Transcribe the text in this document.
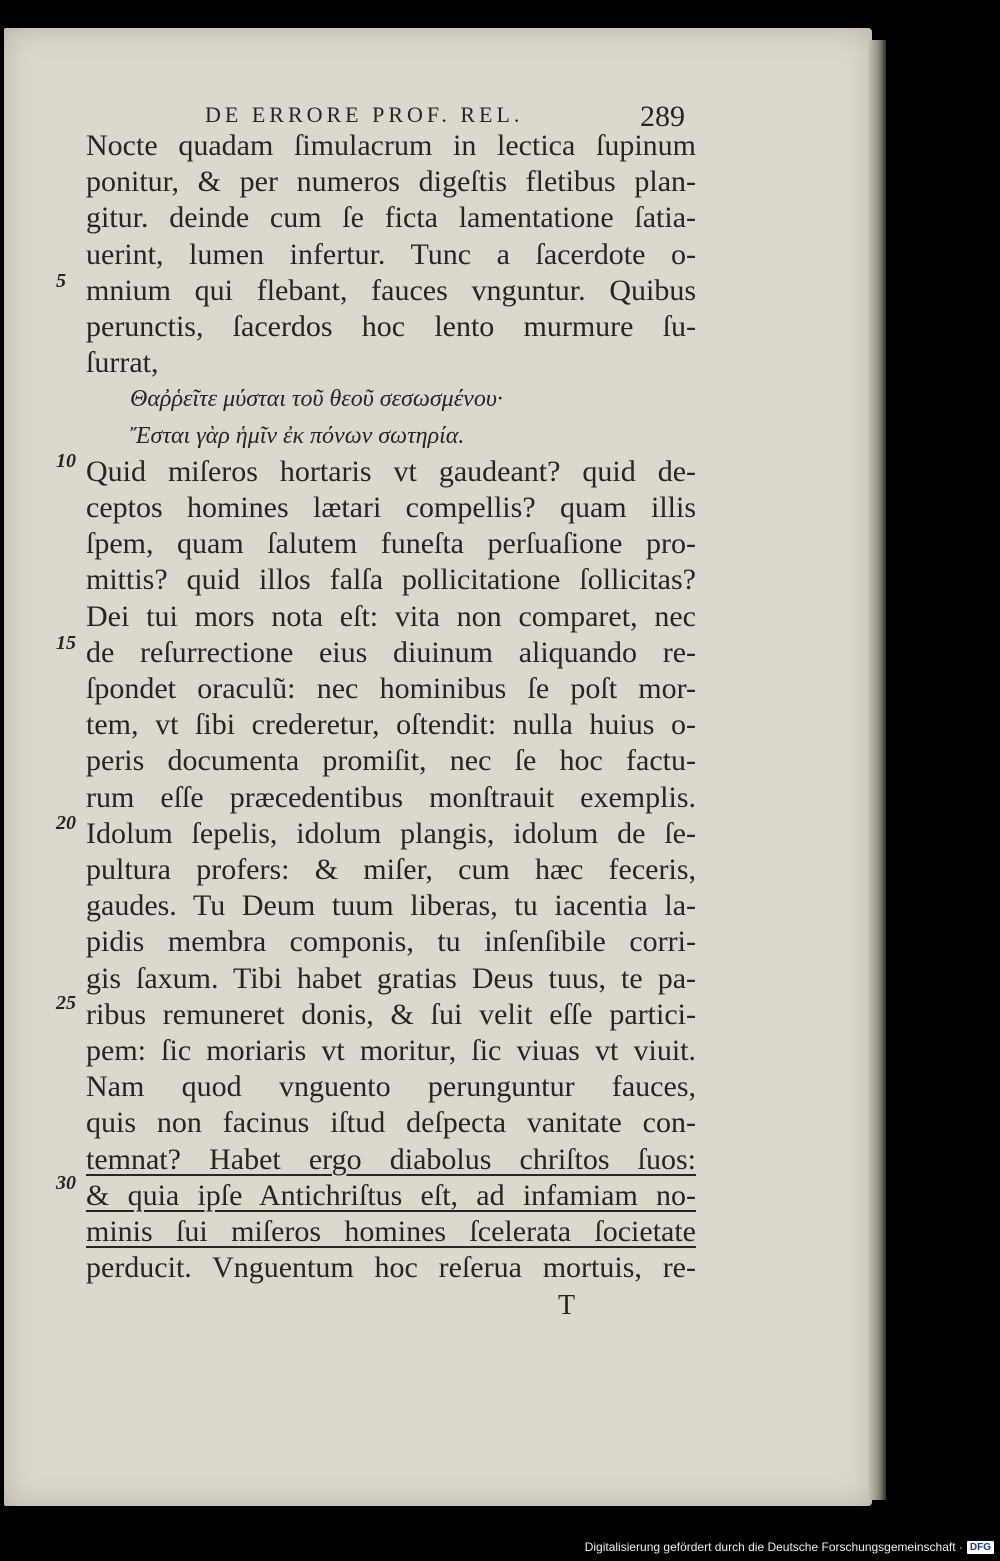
DE ERRORE PROF. REL.	289
5
10
15
20
25
30
Nocte quadam ſimulacrum in lectica ſupinum
ponitur, & per numeros digeſtis fletibus plan-
gitur. deinde cum ſe ficta lamentatione ſatia-
uerint, lumen infertur. Tunc a ſacerdote o-
mnium qui flebant, fauces vnguntur. Quibus
perunctis, ſacerdos hoc lento murmure ſu-
ſurrat,
Θαῤῥεῖτε μύσται τοῦ θεοῦ σεσωσμένου·
Ἔσται γὰρ ἡμῖν ἐκ πόνων σωτηρία.
Quid miſeros hortaris vt gaudeant? quid de-
ceptos homines lætari compellis? quam illis
ſpem, quam ſalutem funeſta perſuaſione pro-
mittis? quid illos falſa pollicitatione ſollicitas?
Dei tui mors nota eſt: vita non comparet, nec
de reſurrectione eius diuinum aliquando re-
ſpondet oraculũ: nec hominibus ſe poſt mor-
tem, vt ſibi crederetur, oſtendit: nulla huius o-
peris documenta promiſit, nec ſe hoc factu-
rum eſſe præcedentibus monſtrauit exemplis.
Idolum ſepelis, idolum plangis, idolum de ſe-
pultura profers: & miſer, cum hæc feceris,
gaudes. Tu Deum tuum liberas, tu iacentia la-
pidis membra componis, tu inſenſibile corri-
gis ſaxum. Tibi habet gratias Deus tuus, te pa-
ribus remuneret donis, & ſui velit eſſe partici-
pem: ſic moriaris vt moritur, ſic viuas vt viuit.
Nam quod vnguento perunguntur fauces,
quis non facinus iſtud deſpecta vanitate con-
temnat? Habet ergo diabolus chriſtos ſuos:
& quia ipſe Antichriſtus eſt, ad infamiam no-
minis ſui miſeros homines ſcelerata ſocietate
perducit. Vnguentum hoc reſerua mortuis, re-
T
Digitalisierung gefördert durch die Deutsche Forschungsgemeinschaft · DFG
